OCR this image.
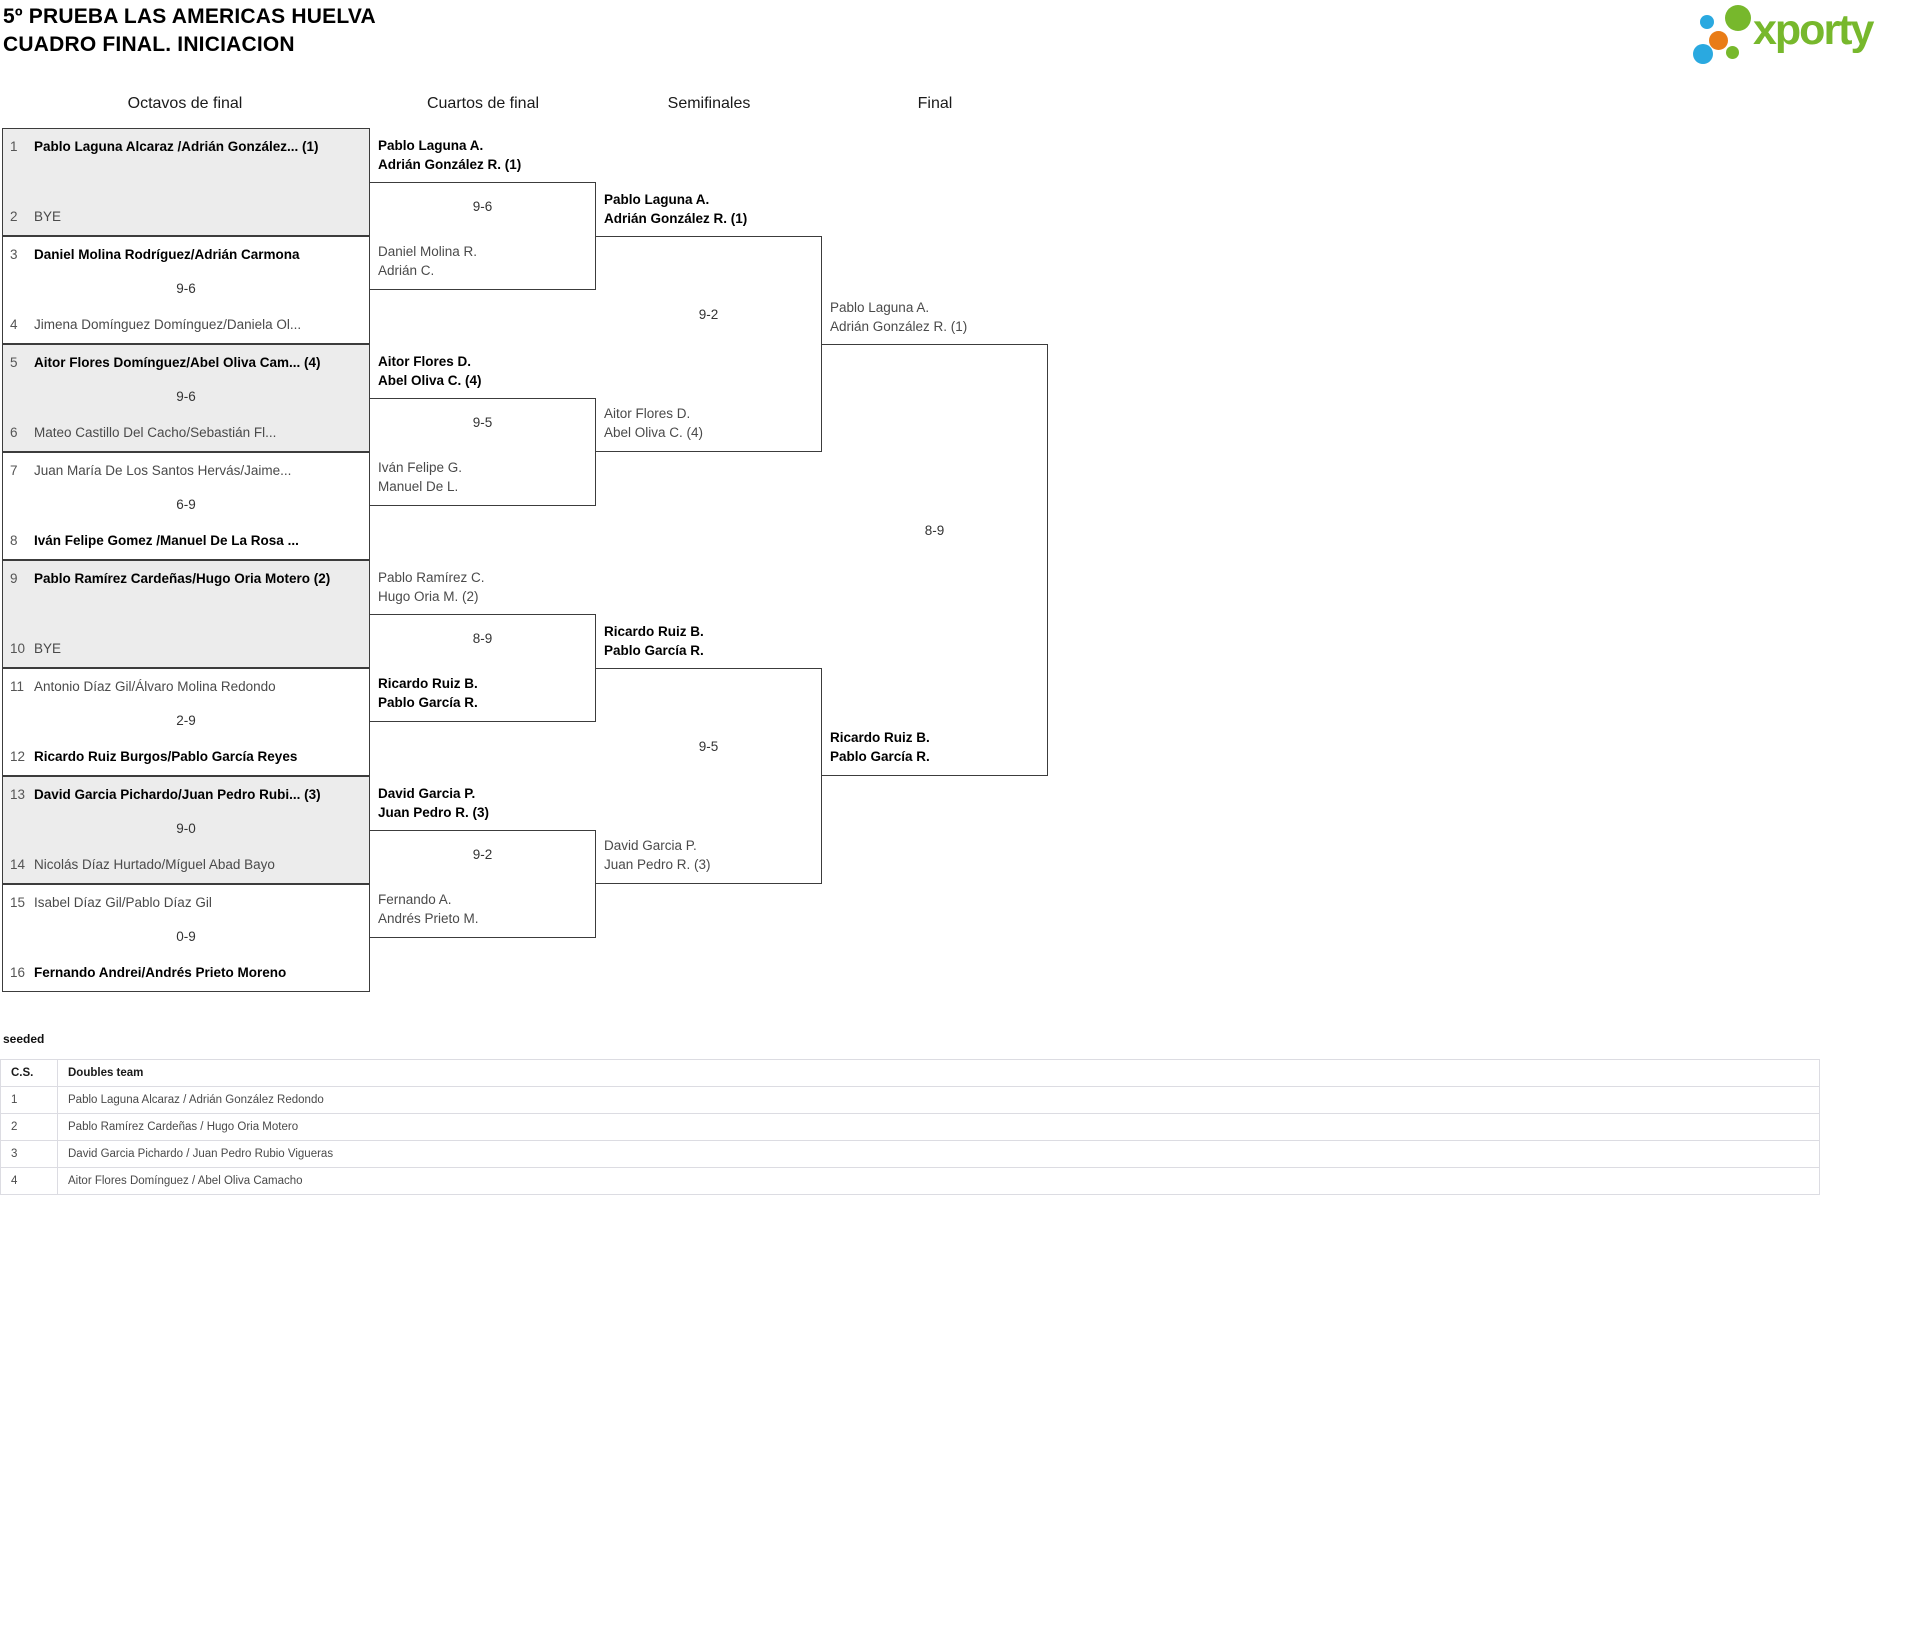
5º PRUEBA LAS AMERICAS HUELVA
CUADRO FINAL. INICIACION	xporty
Octavos de final	Cuartos de final	Semifinales	Final
1 Pablo Laguna Alcaraz /Adrián González... (1)
2 BYE
3 Daniel Molina Rodríguez/Adrián Carmona
9-6
4 Jimena Domínguez Domínguez/Daniela Ol...
5 Aitor Flores Domínguez/Abel Oliva Cam... (4)
9-6
6 Mateo Castillo Del Cacho/Sebastián Fl...
7 Juan María De Los Santos Hervás/Jaime...
6-9
8 Iván Felipe Gomez /Manuel De La Rosa ...
9 Pablo Ramírez Cardeñas/Hugo Oria Motero (2)
10 BYE
11 Antonio Díaz Gil/Álvaro Molina Redondo
2-9
12 Ricardo Ruiz Burgos/Pablo García Reyes
13 David Garcia Pichardo/Juan Pedro Rubi... (3)
9-0
14 Nicolás Díaz Hurtado/Míguel Abad Bayo
15 Isabel Díaz Gil/Pablo Díaz Gil
0-9
16 Fernando Andrei/Andrés Prieto Moreno
Pablo Laguna A.
Adrián González R. (1)
9-6
Daniel Molina R.
Adrián C.
Aitor Flores D.
Abel Oliva C. (4)
9-5
Iván Felipe G.
Manuel De L.
Pablo Ramírez C.
Hugo Oria M. (2)
8-9
Ricardo Ruiz B.
Pablo García R.
David Garcia P.
Juan Pedro R. (3)
9-2
Fernando A.
Andrés Prieto M.
Pablo Laguna A.
Adrián González R. (1)
9-2
Aitor Flores D.
Abel Oliva C. (4)
Ricardo Ruiz B.
Pablo García R.
9-5
David Garcia P.
Juan Pedro R. (3)
Pablo Laguna A.
Adrián González R. (1)
8-9
Ricardo Ruiz B.
Pablo García R.
seeded
C.S.	Doubles team
1	Pablo Laguna Alcaraz / Adrián González Redondo
2	Pablo Ramírez Cardeñas / Hugo Oria Motero
3	David Garcia Pichardo / Juan Pedro Rubio Vigueras
4	Aitor Flores Domínguez / Abel Oliva Camacho
